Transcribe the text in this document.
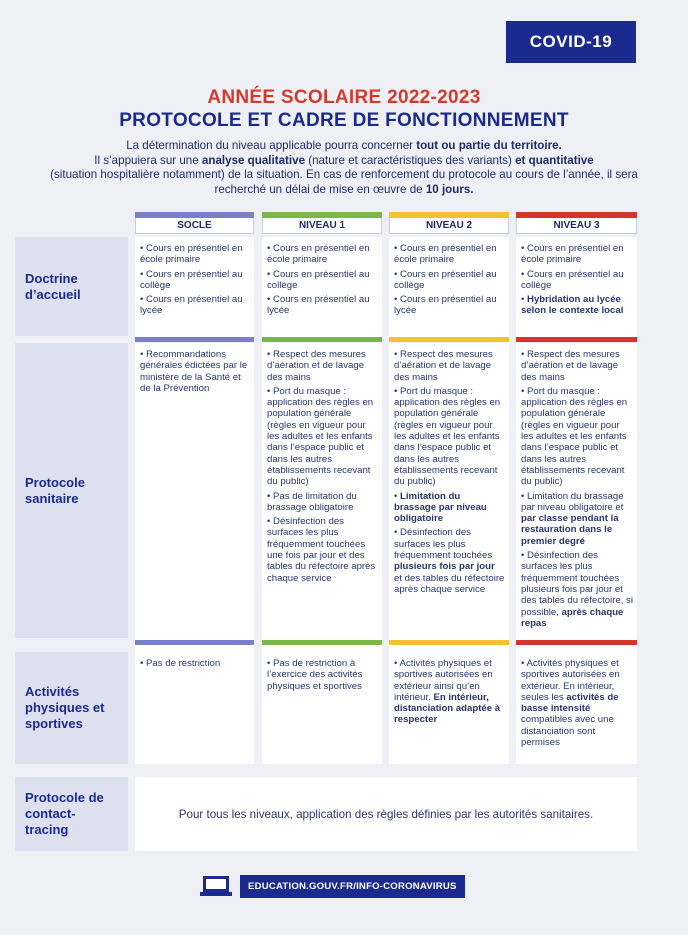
COVID-19
ANNÉE SCOLAIRE 2022-2023
PROTOCOLE ET CADRE DE FONCTIONNEMENT
La détermination du niveau applicable pourra concerner tout ou partie du territoire.
Il s’appuiera sur une analyse qualitative (nature et caractéristiques des variants) et quantitative
(situation hospitalière notamment) de la situation. En cas de renforcement du protocole au cours de l’année, il sera recherché un délai de mise en œuvre de 10 jours.
SOCLE	NIVEAU 1	NIVEAU 2	NIVEAU 3
Doctrine d’accueil
• Cours en présentiel en école primaire
• Cours en présentiel au collège
• Cours en présentiel au lycée
• Cours en présentiel en école primaire
• Cours en présentiel au collège
• Cours en présentiel au lycée
• Cours en présentiel en école primaire
• Cours en présentiel au collège
• Cours en présentiel au lycée
• Cours en présentiel en école primaire
• Cours en présentiel au collège
• Hybridation au lycée selon le contexte local
Protocole sanitaire
• Recommandations générales édictées par le ministère de la Santé et de la Prévention
• Respect des mesures d’aération et de lavage des mains
• Port du masque : application des règles en population générale (règles en vigueur pour les adultes et les enfants dans l’espace public et dans les autres établissements recevant du public)
• Pas de limitation du brassage obligatoire
• Désinfection des surfaces les plus fréquemment touchées une fois par jour et des tables du réfectoire après chaque service
• Respect des mesures d’aération et de lavage des mains
• Port du masque : application des règles en population générale (règles en vigueur pour les adultes et les enfants dans l’espace public et dans les autres établissements recevant du public)
• Limitation du brassage par niveau obligatoire
• Désinfection des surfaces les plus fréquemment touchées plusieurs fois par jour et des tables du réfectoire après chaque service
• Respect des mesures d’aération et de lavage des mains
• Port du masque : application des règles en population générale (règles en vigueur pour les adultes et les enfants dans l’espace public et dans les autres établissements recevant du public)
• Limitation du brassage par niveau obligatoire et par classe pendant la restauration dans le premier degré
• Désinfection des surfaces les plus fréquemment touchées plusieurs fois par jour et des tables du réfectoire, si possible, après chaque repas
Activités physiques et sportives
• Pas de restriction
•	Pas de restriction à l’exercice des activités physiques et sportives
• Activités physiques et sportives autorisées en extérieur ainsi qu’en intérieur. En intérieur, distanciation adaptée à respecter
• Activités physiques et sportives autorisées en extérieur. En intérieur, seules les activités de basse intensité compatibles avec une distanciation sont permises
Protocole de contact-tracing
Pour tous les niveaux, application des règles définies par les autorités sanitaires.
EDUCATION.GOUV.FR/INFO-CORONAVIRUS
